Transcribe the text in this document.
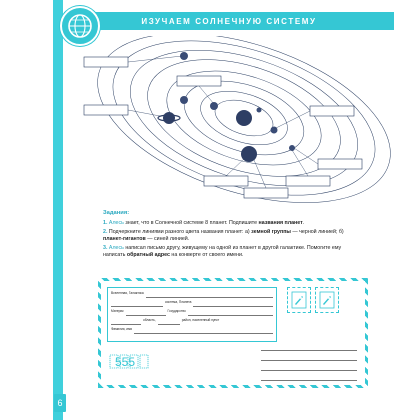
ИЗУЧАЕМ СОЛНЕЧНУЮ СИСТЕМУ
Задания:

1. Алесь знает, что в Солнечной системе 8 планет. Подпишите названия планет.

2. Подчеркните линиями разного цвета названия планет: а) земной группы — черной линией; б) планет-гигантов — синей линией.

3. Алесь написал письмо другу, живущему на одной из планет в другой галактике. Помогите ему написать обратный адрес на конверте от своего имени.

Вселенная, Галактика
система, Планета
Материк	Государство
область,	район, населенный пункт
Фамилия, имя
555
6
